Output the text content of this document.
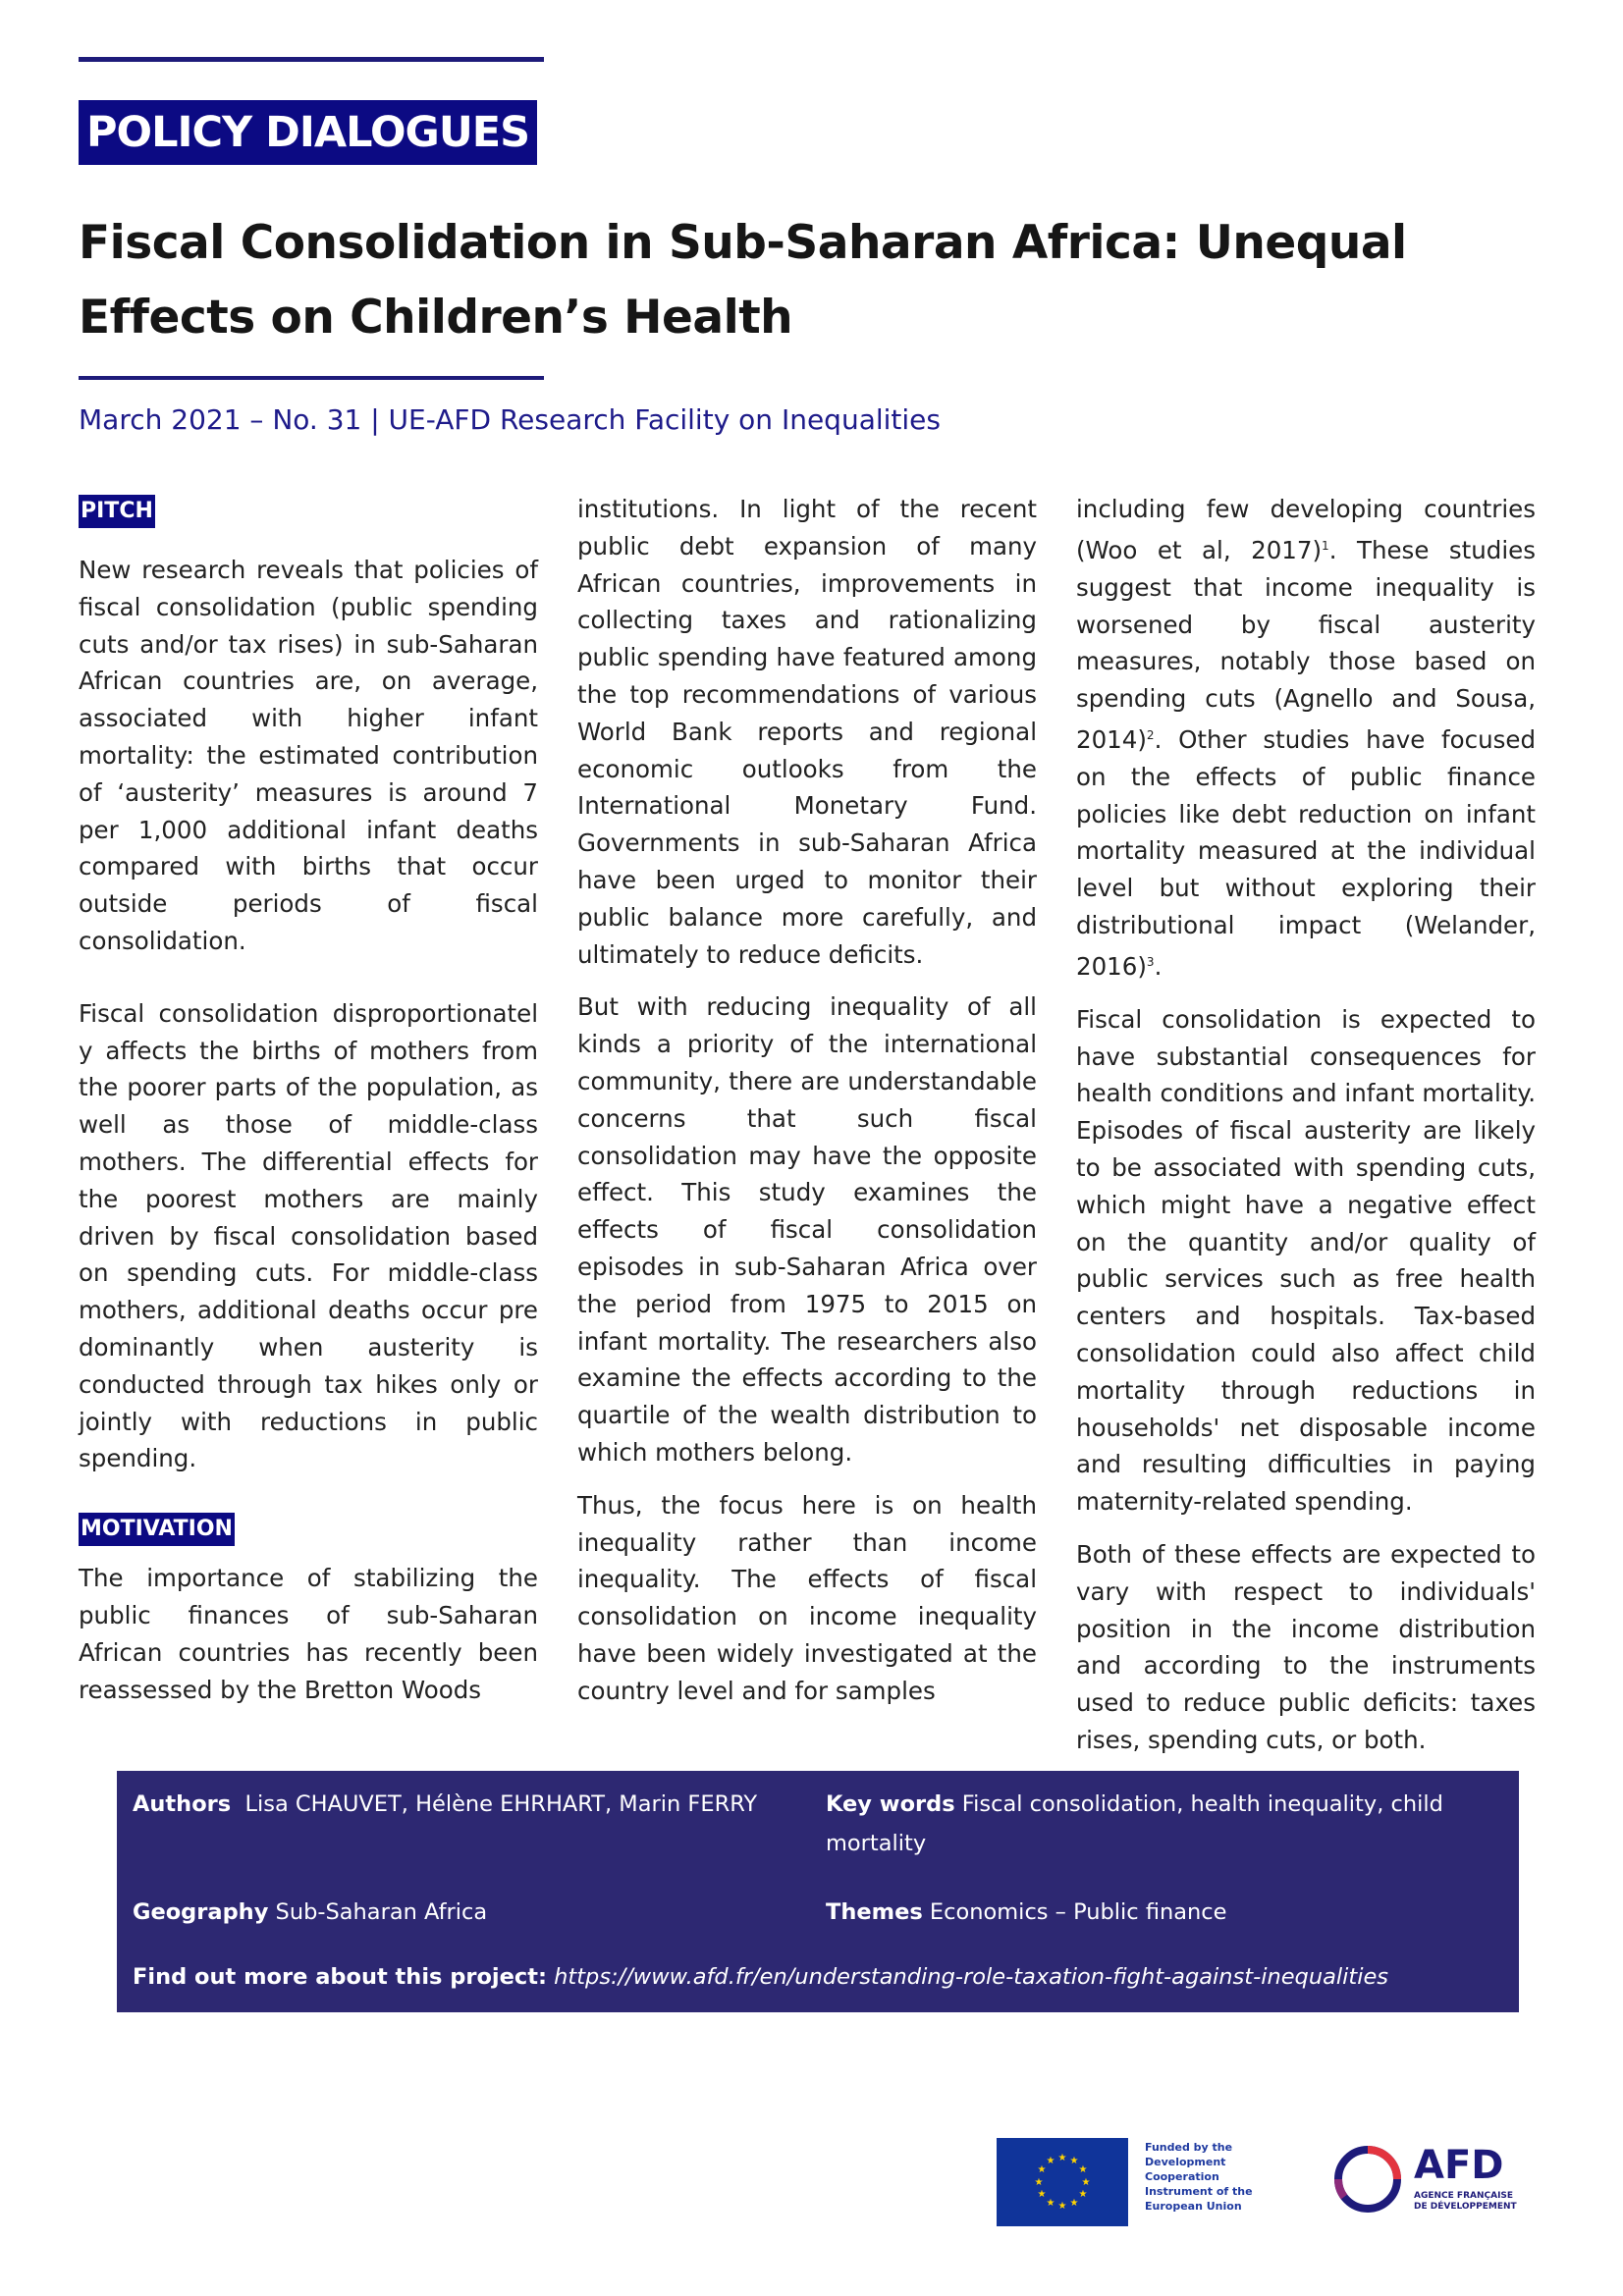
POLICY DIALOGUES
Fiscal Consolidation in Sub-Saharan Africa: Unequal Effects on Children’s Health
March 2021 – No. 31 | UE-AFD Research Facility on Inequalities
PITCH

New research reveals that policies of fiscal consolidation (public spending cuts and/or tax rises) in sub-Saharan African countries are, on average, associated with higher infant mortality: the estimated contribution of ‘austerity’ measures is around 7 per 1,000 additional infant deaths compared with births that occur outside periods of fiscal consolidation.

Fiscal consolidation disproportionatel y affects the births of mothers from the poorer parts of the population, as well as those of middle-class mothers. The differential effects for the poorest mothers are mainly driven by fiscal consolidation based on spending cuts. For middle-class mothers, additional deaths occur pre dominantly when austerity is conducted through tax hikes only or jointly with reductions in public spending.

MOTIVATION

The importance of stabilizing the public finances of sub-Saharan African countries has recently been reassessed by the Bretton Woods

institutions. In light of the recent public debt expansion of many African countries, improvements in collecting taxes and rationalizing public spending have featured among the top recommendations of various World Bank reports and regional economic outlooks from the International Monetary Fund. Governments in sub-Saharan Africa have been urged to monitor their public balance more carefully, and ultimately to reduce deficits.

But with reducing inequality of all kinds a priority of the international community, there are understandable concerns that such fiscal consolidation may have the opposite effect. This study examines the effects of fiscal consolidation episodes in sub-Saharan Africa over the period from 1975 to 2015 on infant mortality. The researchers also examine the effects according to the quartile of the wealth distribution to which mothers belong.

Thus, the focus here is on health inequality rather than income inequality. The effects of fiscal consolidation on income inequality have been widely investigated at the country level and for samples

including few developing countries (Woo et al, 2017)$^1$. These studies suggest that income inequality is worsened by fiscal austerity measures, notably those based on spending cuts (Agnello and Sousa, 2014)$^2$. Other studies have focused on the effects of public finance policies like debt reduction on infant mortality measured at the individual level but without exploring their distributional impact (Welander, 2016)$^3$.

Fiscal consolidation is expected to have substantial consequences for health conditions and infant mortality. Episodes of fiscal austerity are likely to be associated with spending cuts, which might have a negative effect on the quantity and/or quality of public services such as free health centers and hospitals. Tax-based consolidation could also affect child mortality through reductions in households' net disposable income and resulting difficulties in paying maternity-related spending.

Both of these effects are expected to vary with respect to individuals' position in the income distribution and according to the instruments used to reduce public deficits: taxes rises, spending cuts, or both.

Authors Lisa CHAUVET, Hélène EHRHART, Marin FERRY	Key words Fiscal consolidation, health inequality, child mortality
Geography Sub-Saharan Africa	Themes Economics – Public finance
Find out more about this project: https://www.afd.fr/en/understanding-role-taxation-fight-against-inequalities
★ ★
★
★
★
★
★
★
★
★
★
★
Funded by the
Development
Cooperation
Instrument of the
European Union
AFD
AGENCE FRANÇAISE
DE DÉVELOPPEMENT
